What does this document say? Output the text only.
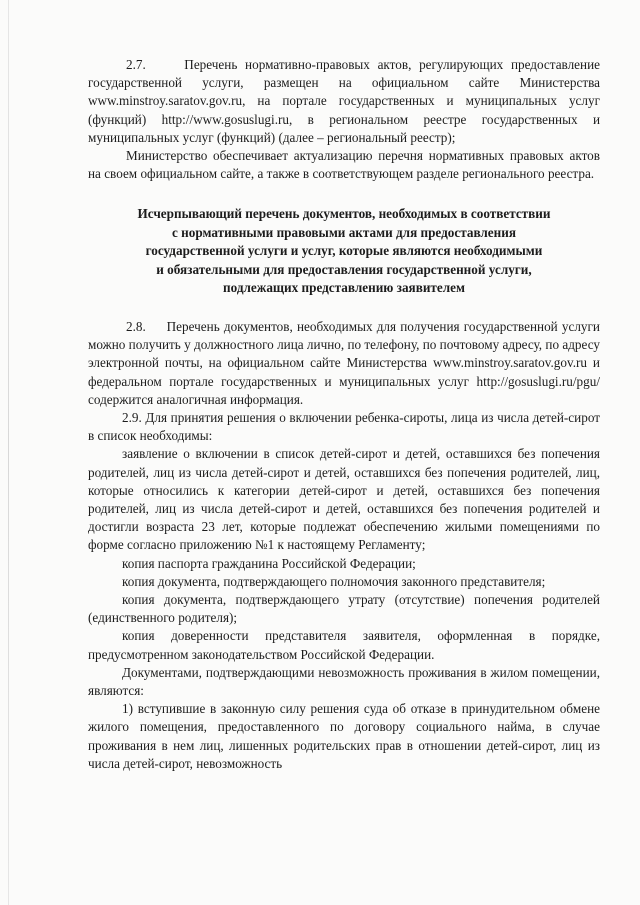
2.7.     Перечень нормативно-правовых актов, регулирующих предоставление государственной услуги, размещен на официальном сайте Министерства www.minstroy.saratov.gov.ru, на портале государственных и муниципальных услуг (функций) http://www.gosuslugi.ru, в региональном реестре государственных и муниципальных услуг (функций) (далее – региональный реестр);

Министерство обеспечивает актуализацию перечня нормативных правовых актов на своем официальном сайте, а также в соответствующем разделе регионального реестра.

Исчерпывающий перечень документов, необходимых в соответствии
с нормативными правовыми актами для предоставления
государственной услуги и услуг, которые являются необходимыми
и обязательными для предоставления государственной услуги,
подлежащих представлению заявителем

2.8.     Перечень документов, необходимых для получения государственной услуги можно получить у должностного лица лично, по телефону, по почтовому адресу, по адресу электронной почты, на официальном сайте Министерства www.minstroy.saratov.gov.ru и федеральном портале государственных и муниципальных услуг http://gosuslugi.ru/pgu/ содержится аналогичная информация.

2.9. Для принятия решения о включении ребенка-сироты, лица из числа детей-сирот в список необходимы:

заявление о включении в список детей-сирот и детей, оставшихся без попечения родителей, лиц из числа детей-сирот и детей, оставшихся без попечения родителей, лиц, которые относились к категории детей-сирот и детей, оставшихся без попечения родителей, лиц из числа детей-сирот и детей, оставшихся без попечения родителей и достигли возраста 23 лет, которые подлежат обеспечению жилыми помещениями по форме согласно приложению №1 к настоящему Регламенту;

копия паспорта гражданина Российской Федерации;

копия документа, подтверждающего полномочия законного представителя;

копия документа, подтверждающего утрату (отсутствие) попечения родителей (единственного родителя);

копия доверенности представителя заявителя, оформленная в порядке, предусмотренном законодательством Российской Федерации.

Документами, подтверждающими невозможность проживания в жилом помещении, являются:

1) вступившие в законную силу решения суда об отказе в принудительном обмене жилого помещения, предоставленного по договору социального найма, в случае проживания в нем лиц, лишенных родительских прав в отношении детей-сирот, лиц из числа детей-сирот, невозможность
